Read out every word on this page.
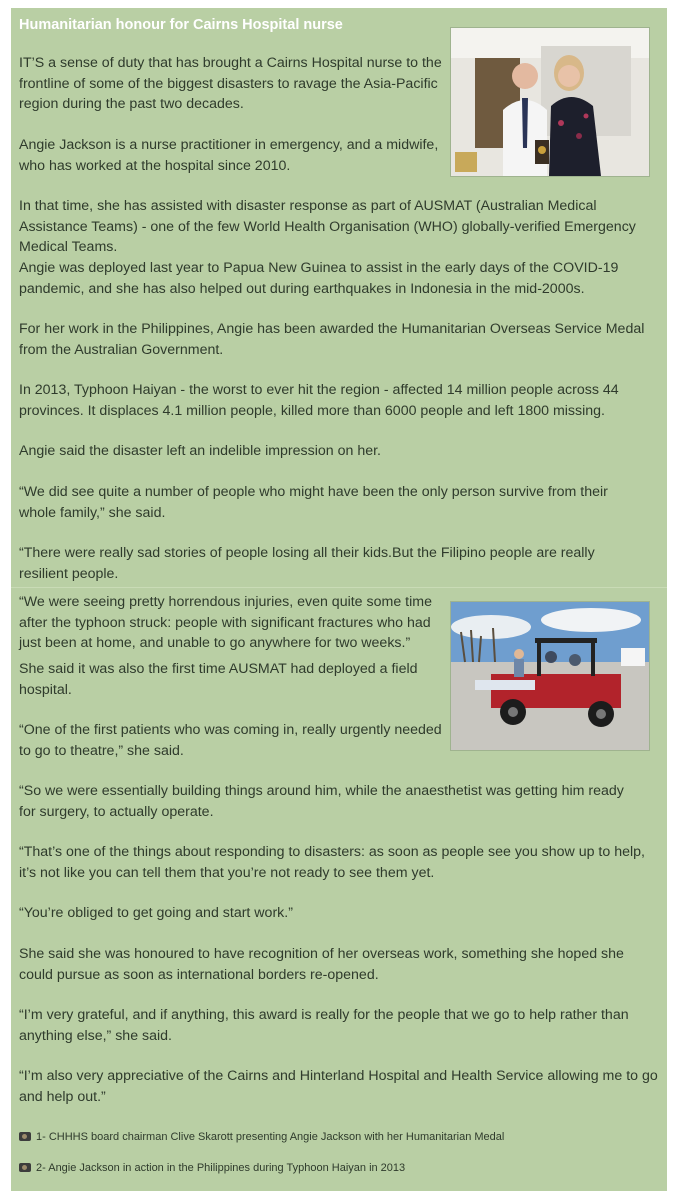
Humanitarian honour for Cairns Hospital nurse

IT’S a sense of duty that has brought a Cairns Hospital nurse to the frontline of some of the biggest disasters to ravage the Asia-Pacific region during the past two decades.

Angie Jackson is a nurse practitioner in emergency, and a midwife, who has worked at the hospital since 2010.

In that time, she has assisted with disaster response as part of AUSMAT (Australian Medical Assistance Teams) - one of the few World Health Organisation (WHO) globally-verified Emergency Medical Teams.

Angie was deployed last year to Papua New Guinea to assist in the early days of the COVID-19 pandemic, and she has also helped out during earthquakes in Indonesia in the mid-2000s.

For her work in the Philippines, Angie has been awarded the Humanitarian Overseas Service Medal from the Australian Government.

In 2013, Typhoon Haiyan - the worst to ever hit the region - affected 14 million people across 44 provinces. It displaces 4.1 million people, killed more than 6000 people and left 1800 missing.

Angie said the disaster left an indelible impression on her.

“We did see quite a number of people who might have been the only person survive from their whole family,” she said.

“There were really sad stories of people losing all their kids.But the Filipino people are really resilient people.

“We were seeing pretty horrendous injuries, even quite some time after the typhoon struck: people with significant fractures who had just been at home, and unable to go anywhere for two weeks.”

She said it was also the first time AUSMAT had deployed a field hospital.

“One of the first patients who was coming in, really urgently needed to go to theatre,” she said.

“So we were essentially building things around him, while the anaesthetist was getting him ready for surgery, to actually operate.

“That’s one of the things about responding to disasters: as soon as people see you show up to help, it’s not like you can tell them that you’re not ready to see them yet.

“You’re obliged to get going and start work.”

She said she was honoured to have recognition of her overseas work, something she hoped she could pursue as soon as international borders re-opened.

“I’m very grateful, and if anything, this award is really for the people that we go to help rather than anything else,” she said.

“I’m also very appreciative of the Cairns and Hinterland Hospital and Health Service allowing me to go and help out.”

1- CHHHS board chairman Clive Skarott presenting Angie Jackson with her Humanitarian Medal
2- Angie Jackson in action in the Philippines during Typhoon Haiyan in 2013
